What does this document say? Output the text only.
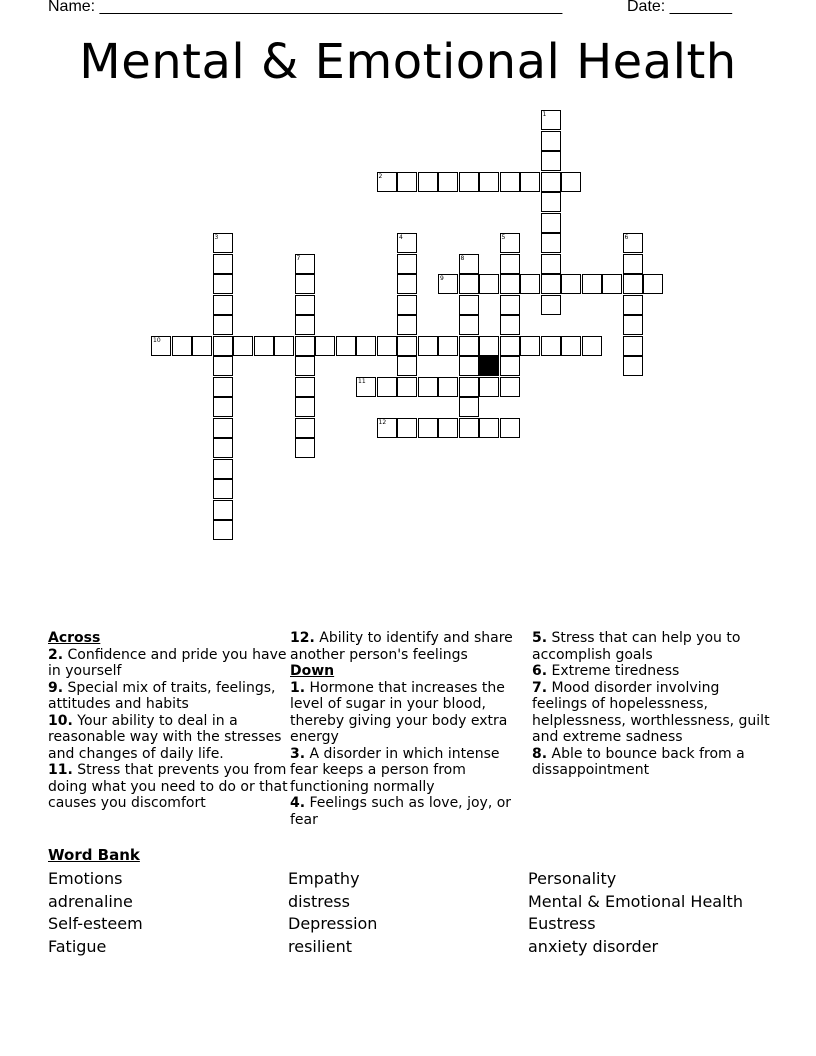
Name: ____________________________________________________	Date: _______
Mental & Emotional Health
1
2
3	4	5	6
7	8
9
10
11
12

Across

2. Confidence and pride you have in yourself

9. Special mix of traits, feelings, attitudes and habits

10. Your ability to deal in a reasonable way with the stresses and changes of daily life.

11. Stress that prevents you from doing what you need to do or that causes you discomfort

12. Ability to identify and share another person's feelings

Down

1. Hormone that increases the level of sugar in your blood, thereby giving your body extra energy

3. A disorder in which intense fear keeps a person from functioning normally

4. Feelings such as love, joy, or fear

5. Stress that can help you to accomplish goals

6. Extreme tiredness

7. Mood disorder involving feelings of hopelessness, helplessness, worthlessness, guilt and extreme sadness

8. Able to bounce back from a dissappointment

Word Bank
Emotions	Empathy	Personality
adrenaline	distress	Mental & Emotional Health
Self-esteem	Depression	Eustress
Fatigue	resilient	anxiety disorder
